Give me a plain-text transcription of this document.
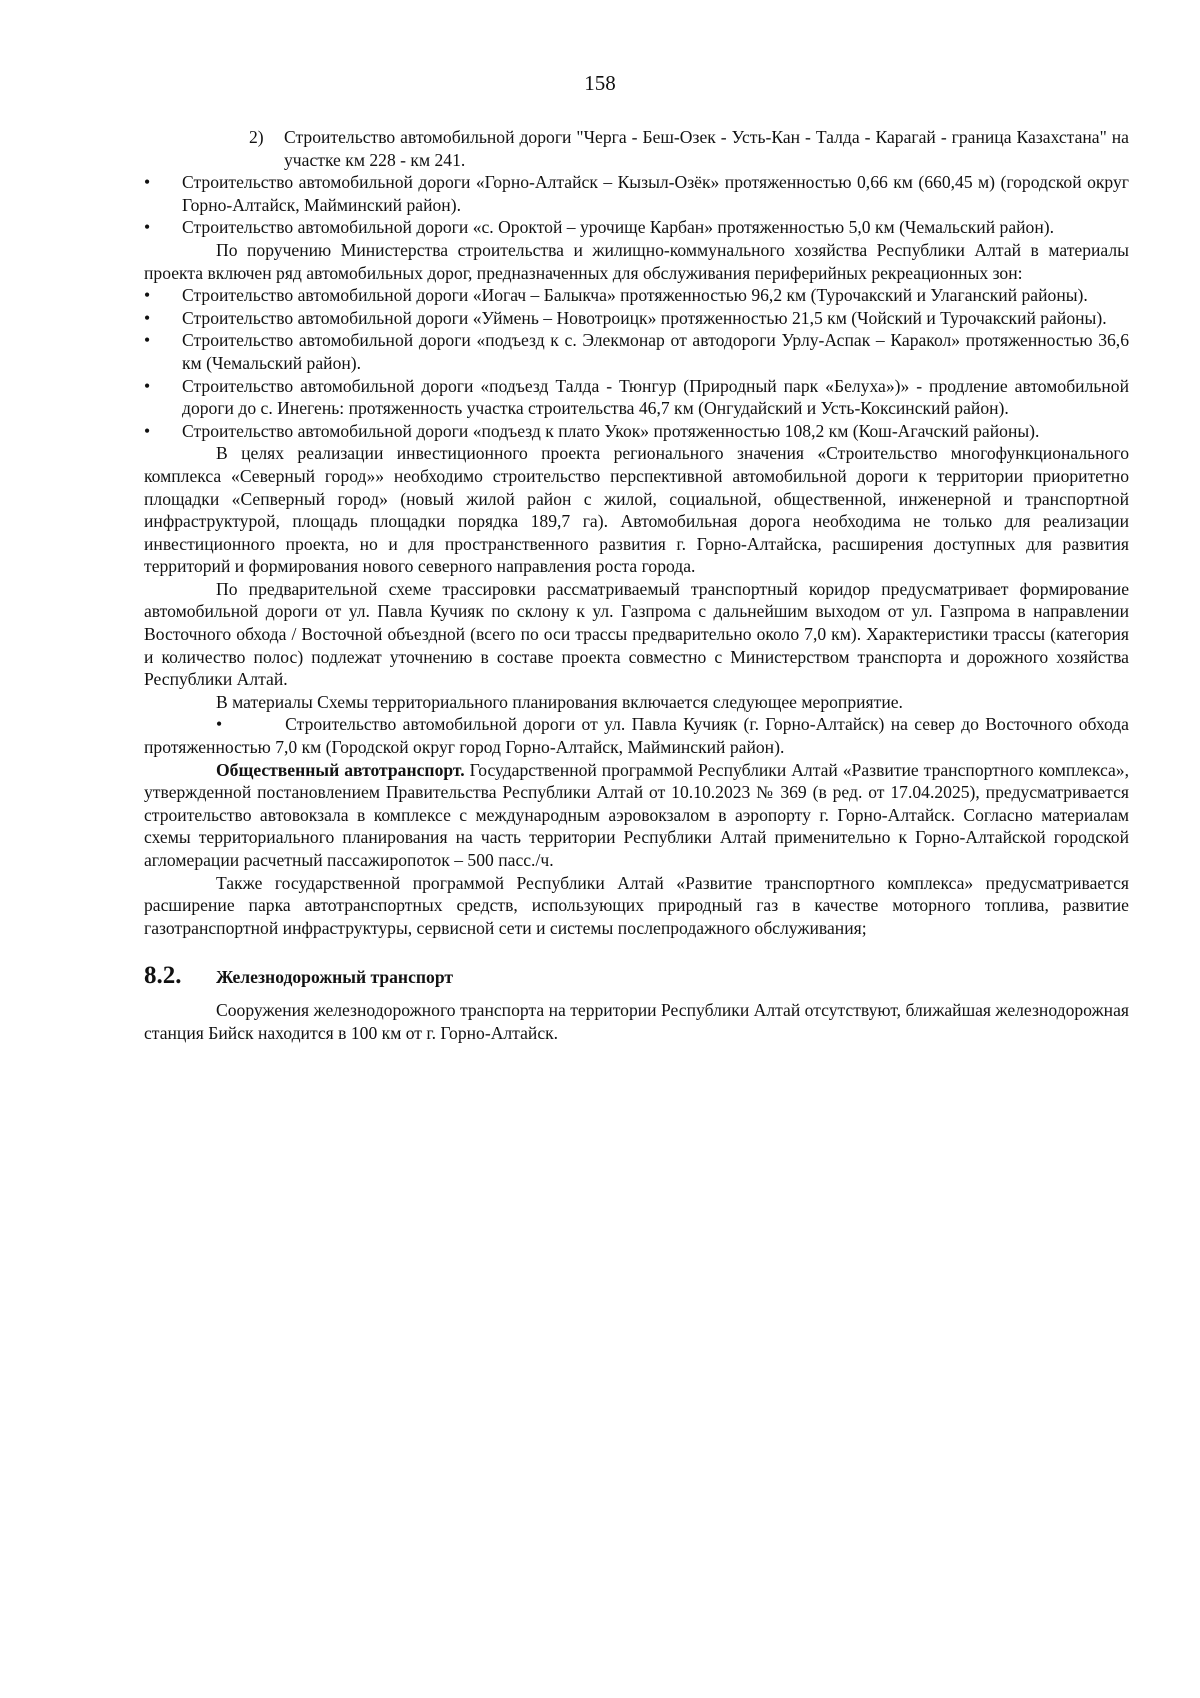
158

2) Строительство автомобильной дороги "Черга - Беш-Озек - Усть-Кан - Талда - Карагай - граница Казахстана" на участке км 228 - км 241.

•	Строительство автомобильной дороги «Горно-Алтайск – Кызыл-Озёк» протяженностью 0,66 км (660,45 м) (городской округ Горно-Алтайск, Майминский район).

•	Строительство автомобильной дороги «с. Ороктой – урочище Карбан» протяженностью 5,0 км (Чемальский район).

По поручению Министерства строительства и жилищно-коммунального хозяйства Республики Алтай в материалы проекта включен ряд автомобильных дорог, предназначенных для обслуживания периферийных рекреационных зон:

•	Строительство автомобильной дороги «Иогач – Балыкча» протяженностью 96,2 км (Турочакский и Улаганский районы).

•	Строительство автомобильной дороги «Уймень – Новотроицк» протяженностью 21,5 км (Чойский и Турочакский районы).

•	Строительство автомобильной дороги «подъезд к с. Элекмонар от автодороги Урлу-Аспак – Каракол» протяженностью 36,6 км (Чемальский район).

•	Строительство автомобильной дороги «подъезд Талда - Тюнгур (Природный парк «Белуха»)» - продление автомобильной дороги до с. Инегень: протяженность участка строительства 46,7 км (Онгудайский и Усть-Коксинский район).

•	Строительство автомобильной дороги «подъезд к плато Укок» протяженностью 108,2 км (Кош-Агачский районы).

В целях реализации инвестиционного проекта регионального значения «Строительство многофункционального комплекса «Северный город»» необходимо строительство перспективной автомобильной дороги к территории приоритетно площадки «Сепверный город» (новый жилой район с жилой, социальной, общественной, инженерной и транспортной инфраструктурой, площадь площадки порядка 189,7 га). Автомобильная дорога необходима не только для реализации инвестиционного проекта, но и для пространственного развития г. Горно-Алтайска, расширения доступных для развития территорий и формирования нового северного направления роста города.

По предварительной схеме трассировки рассматриваемый транспортный коридор предусматривает формирование автомобильной дороги от ул. Павла Кучияк по склону к ул. Газпрома с дальнейшим выходом от ул. Газпрома в направлении Восточного обхода / Восточной объездной (всего по оси трассы предварительно около 7,0 км). Характеристики трассы (категория и количество полос) подлежат уточнению в составе проекта совместно с Министерством транспорта и дорожного хозяйства Республики Алтай.

В материалы Схемы территориального планирования включается следующее мероприятие.

•          Строительство автомобильной дороги от ул. Павла Кучияк (г. Горно-Алтайск) на север до Восточного обхода протяженностью 7,0 км (Городской округ город Горно-Алтайск, Майминский район).

Общественный автотранспорт. Государственной программой Республики Алтай «Развитие транспортного комплекса», утвержденной постановлением Правительства Республики Алтай от 10.10.2023 № 369 (в ред. от 17.04.2025), предусматривается строительство автовокзала в комплексе с международным аэровокзалом в аэропорту г. Горно-Алтайск. Согласно материалам схемы территориального планирования на часть территории Республики Алтай применительно к Горно-Алтайской городской агломерации расчетный пассажиропоток – 500 пасс./ч.

Также государственной программой Республики Алтай «Развитие транспортного комплекса» предусматривается расширение парка автотранспортных средств, использующих природный газ в качестве моторного топлива, развитие газотранспортной инфраструктуры, сервисной сети и системы послепродажного обслуживания;

8.2.	Железнодорожный транспорт

Сооружения железнодорожного транспорта на территории Республики Алтай отсутствуют, ближайшая железнодорожная станция Бийск находится в 100 км от г. Горно-Алтайск.
